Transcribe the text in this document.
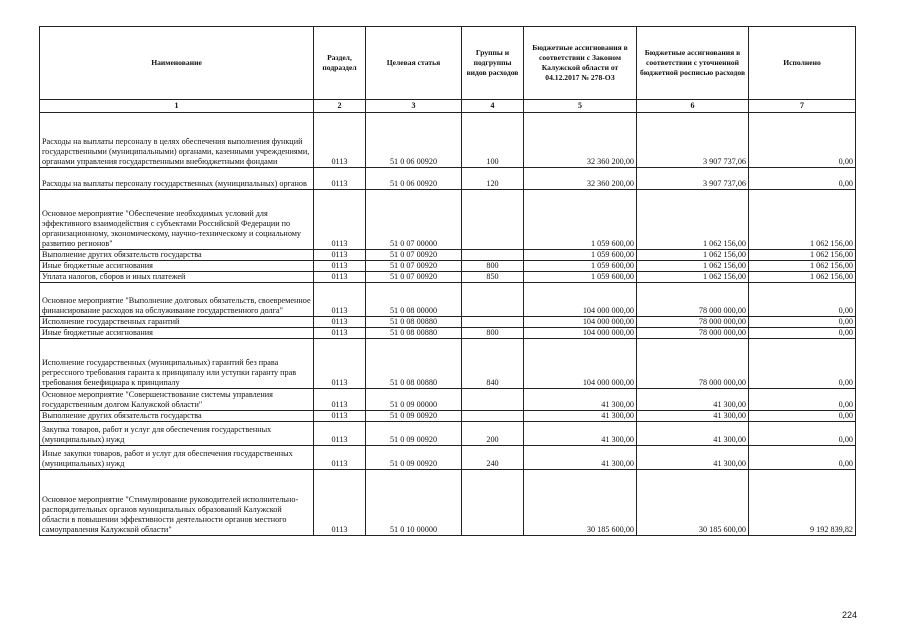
Наименование	Раздел, подраздел	Целевая статья	Группы и подгруппы видов расходов	Бюджетные ассигнования в соответствии с Законом Калужской области от 04.12.2017 № 278-ОЗ	Бюджетные ассигнования в соответствии с уточненной бюджетной росписью расходов	Исполнено
1	2	3	4	5	6	7
Расходы на выплаты персоналу в целях обеспечения выполнения функций государственными (муниципальными) органами, казенными учреждениями, органами управления государственными внебюджетными фондами	0113	51 0 06 00920	100	32 360 200,00	3 907 737,06	0,00
Расходы на выплаты персоналу государственных (муниципальных) органов	0113	51 0 06 00920	120	32 360 200,00	3 907 737,06	0,00
Основное мероприятие "Обеспечение необходимых условий для эффективного взаимодействия с субъектами Российской Федерации по организационному, экономическому, научно-техническому и социальному развитию регионов"	0113	51 0 07 00000		1 059 600,00	1 062 156,00	1 062 156,00
Выполнение других обязательств государства	0113	51 0 07 00920		1 059 600,00	1 062 156,00	1 062 156,00
Иные бюджетные ассигнования	0113	51 0 07 00920	800	1 059 600,00	1 062 156,00	1 062 156,00
Уплата налогов, сборов и иных платежей	0113	51 0 07 00920	850	1 059 600,00	1 062 156,00	1 062 156,00
Основное мероприятие "Выполнение долговых обязательств, своевременное финансирование расходов на обслуживание государственного долга"	0113	51 0 08 00000		104 000 000,00	78 000 000,00	0,00
Исполнение государственных гарантий	0113	51 0 08 00880		104 000 000,00	78 000 000,00	0,00
Иные бюджетные ассигнования	0113	51 0 08 00880	800	104 000 000,00	78 000 000,00	0,00
Исполнение государственных (муниципальных) гарантий без права регрессного требования гаранта к принципалу или уступки гаранту прав требования бенефициара к принципалу	0113	51 0 08 00880	840	104 000 000,00	78 000 000,00	0,00
Основное мероприятие "Совершенствование системы управления государственным долгом Калужской области"	0113	51 0 09 00000		41 300,00	41 300,00	0,00
Выполнение других обязательств государства	0113	51 0 09 00920		41 300,00	41 300,00	0,00
Закупка товаров, работ и услуг для обеспечения государственных (муниципальных) нужд	0113	51 0 09 00920	200	41 300,00	41 300,00	0,00
Иные закупки товаров, работ и услуг для обеспечения государственных (муниципальных) нужд	0113	51 0 09 00920	240	41 300,00	41 300,00	0,00
Основное мероприятие "Стимулирование руководителей исполнительно-распорядительных органов муниципальных образований Калужской области в повышении эффективности деятельности органов местного самоуправления Калужской области"	0113	51 0 10 00000		30 185 600,00	30 185 600,00	9 192 839,82
224
